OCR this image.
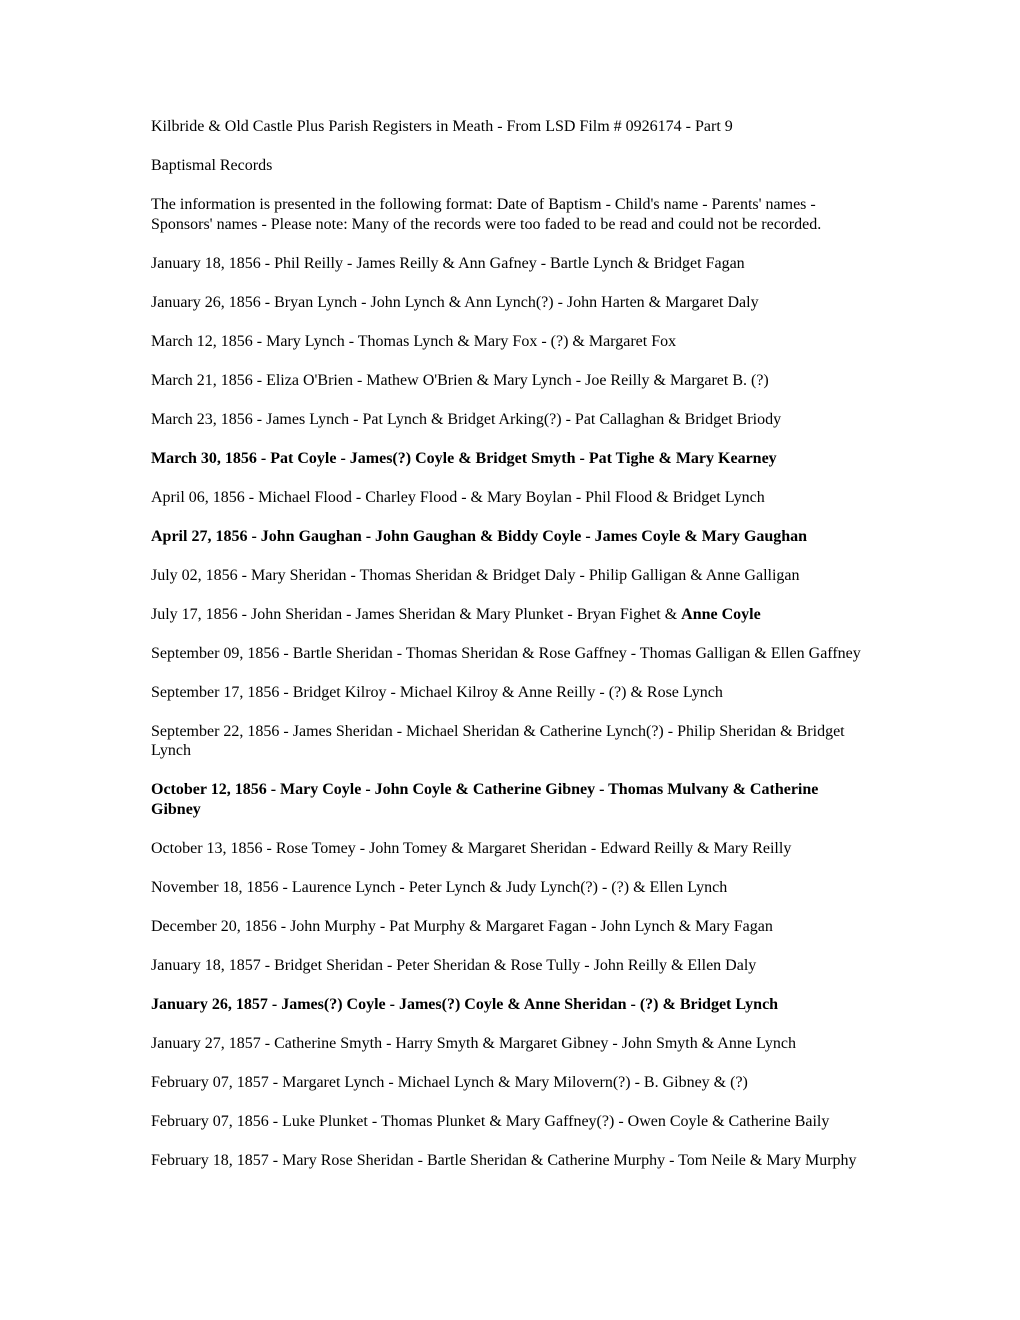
Kilbride & Old Castle Plus Parish Registers in Meath - From LSD Film # 0926174 - Part 9

Baptismal Records

The information is presented in the following format: Date of Baptism - Child's name - Parents' names - Sponsors' names - Please note: Many of the records were too faded to be read and could not be recorded.

January 18, 1856 - Phil Reilly - James Reilly & Ann Gafney - Bartle Lynch & Bridget Fagan

January 26, 1856 - Bryan Lynch - John Lynch & Ann Lynch(?) - John Harten & Margaret Daly

March 12, 1856 - Mary Lynch - Thomas Lynch & Mary Fox - (?) & Margaret Fox

March 21, 1856 - Eliza O'Brien - Mathew O'Brien & Mary Lynch - Joe Reilly & Margaret B. (?)

March 23, 1856 - James Lynch - Pat Lynch & Bridget Arking(?) - Pat Callaghan & Bridget Briody

March 30, 1856 - Pat Coyle - James(?) Coyle & Bridget Smyth - Pat Tighe & Mary Kearney

April 06, 1856 - Michael Flood - Charley Flood - & Mary Boylan - Phil Flood & Bridget Lynch

April 27, 1856 - John Gaughan - John Gaughan & Biddy Coyle - James Coyle & Mary Gaughan

July 02, 1856 - Mary Sheridan - Thomas Sheridan & Bridget Daly - Philip Galligan & Anne Galligan

July 17, 1856 - John Sheridan - James Sheridan & Mary Plunket - Bryan Fighet & Anne Coyle

September 09, 1856 - Bartle Sheridan - Thomas Sheridan & Rose Gaffney - Thomas Galligan & Ellen Gaffney

September 17, 1856 - Bridget Kilroy - Michael Kilroy & Anne Reilly - (?) & Rose Lynch

September 22, 1856 - James Sheridan - Michael Sheridan & Catherine Lynch(?) - Philip Sheridan & Bridget Lynch

October 12, 1856 - Mary Coyle - John Coyle & Catherine Gibney - Thomas Mulvany & Catherine Gibney

October 13, 1856 - Rose Tomey - John Tomey & Margaret Sheridan - Edward Reilly & Mary Reilly

November 18, 1856 - Laurence Lynch - Peter Lynch & Judy Lynch(?) - (?) & Ellen Lynch

December 20, 1856 - John Murphy - Pat Murphy & Margaret Fagan - John Lynch & Mary Fagan

January 18, 1857 - Bridget Sheridan - Peter Sheridan & Rose Tully - John Reilly & Ellen Daly

January 26, 1857 - James(?) Coyle - James(?) Coyle & Anne Sheridan - (?) & Bridget Lynch

January 27, 1857 - Catherine Smyth - Harry Smyth & Margaret Gibney - John Smyth & Anne Lynch

February 07, 1857 - Margaret Lynch - Michael Lynch & Mary Milovern(?) - B. Gibney & (?)

February 07, 1856 - Luke Plunket - Thomas Plunket & Mary Gaffney(?) - Owen Coyle & Catherine Baily

February 18, 1857 - Mary Rose Sheridan - Bartle Sheridan & Catherine Murphy - Tom Neile & Mary Murphy
